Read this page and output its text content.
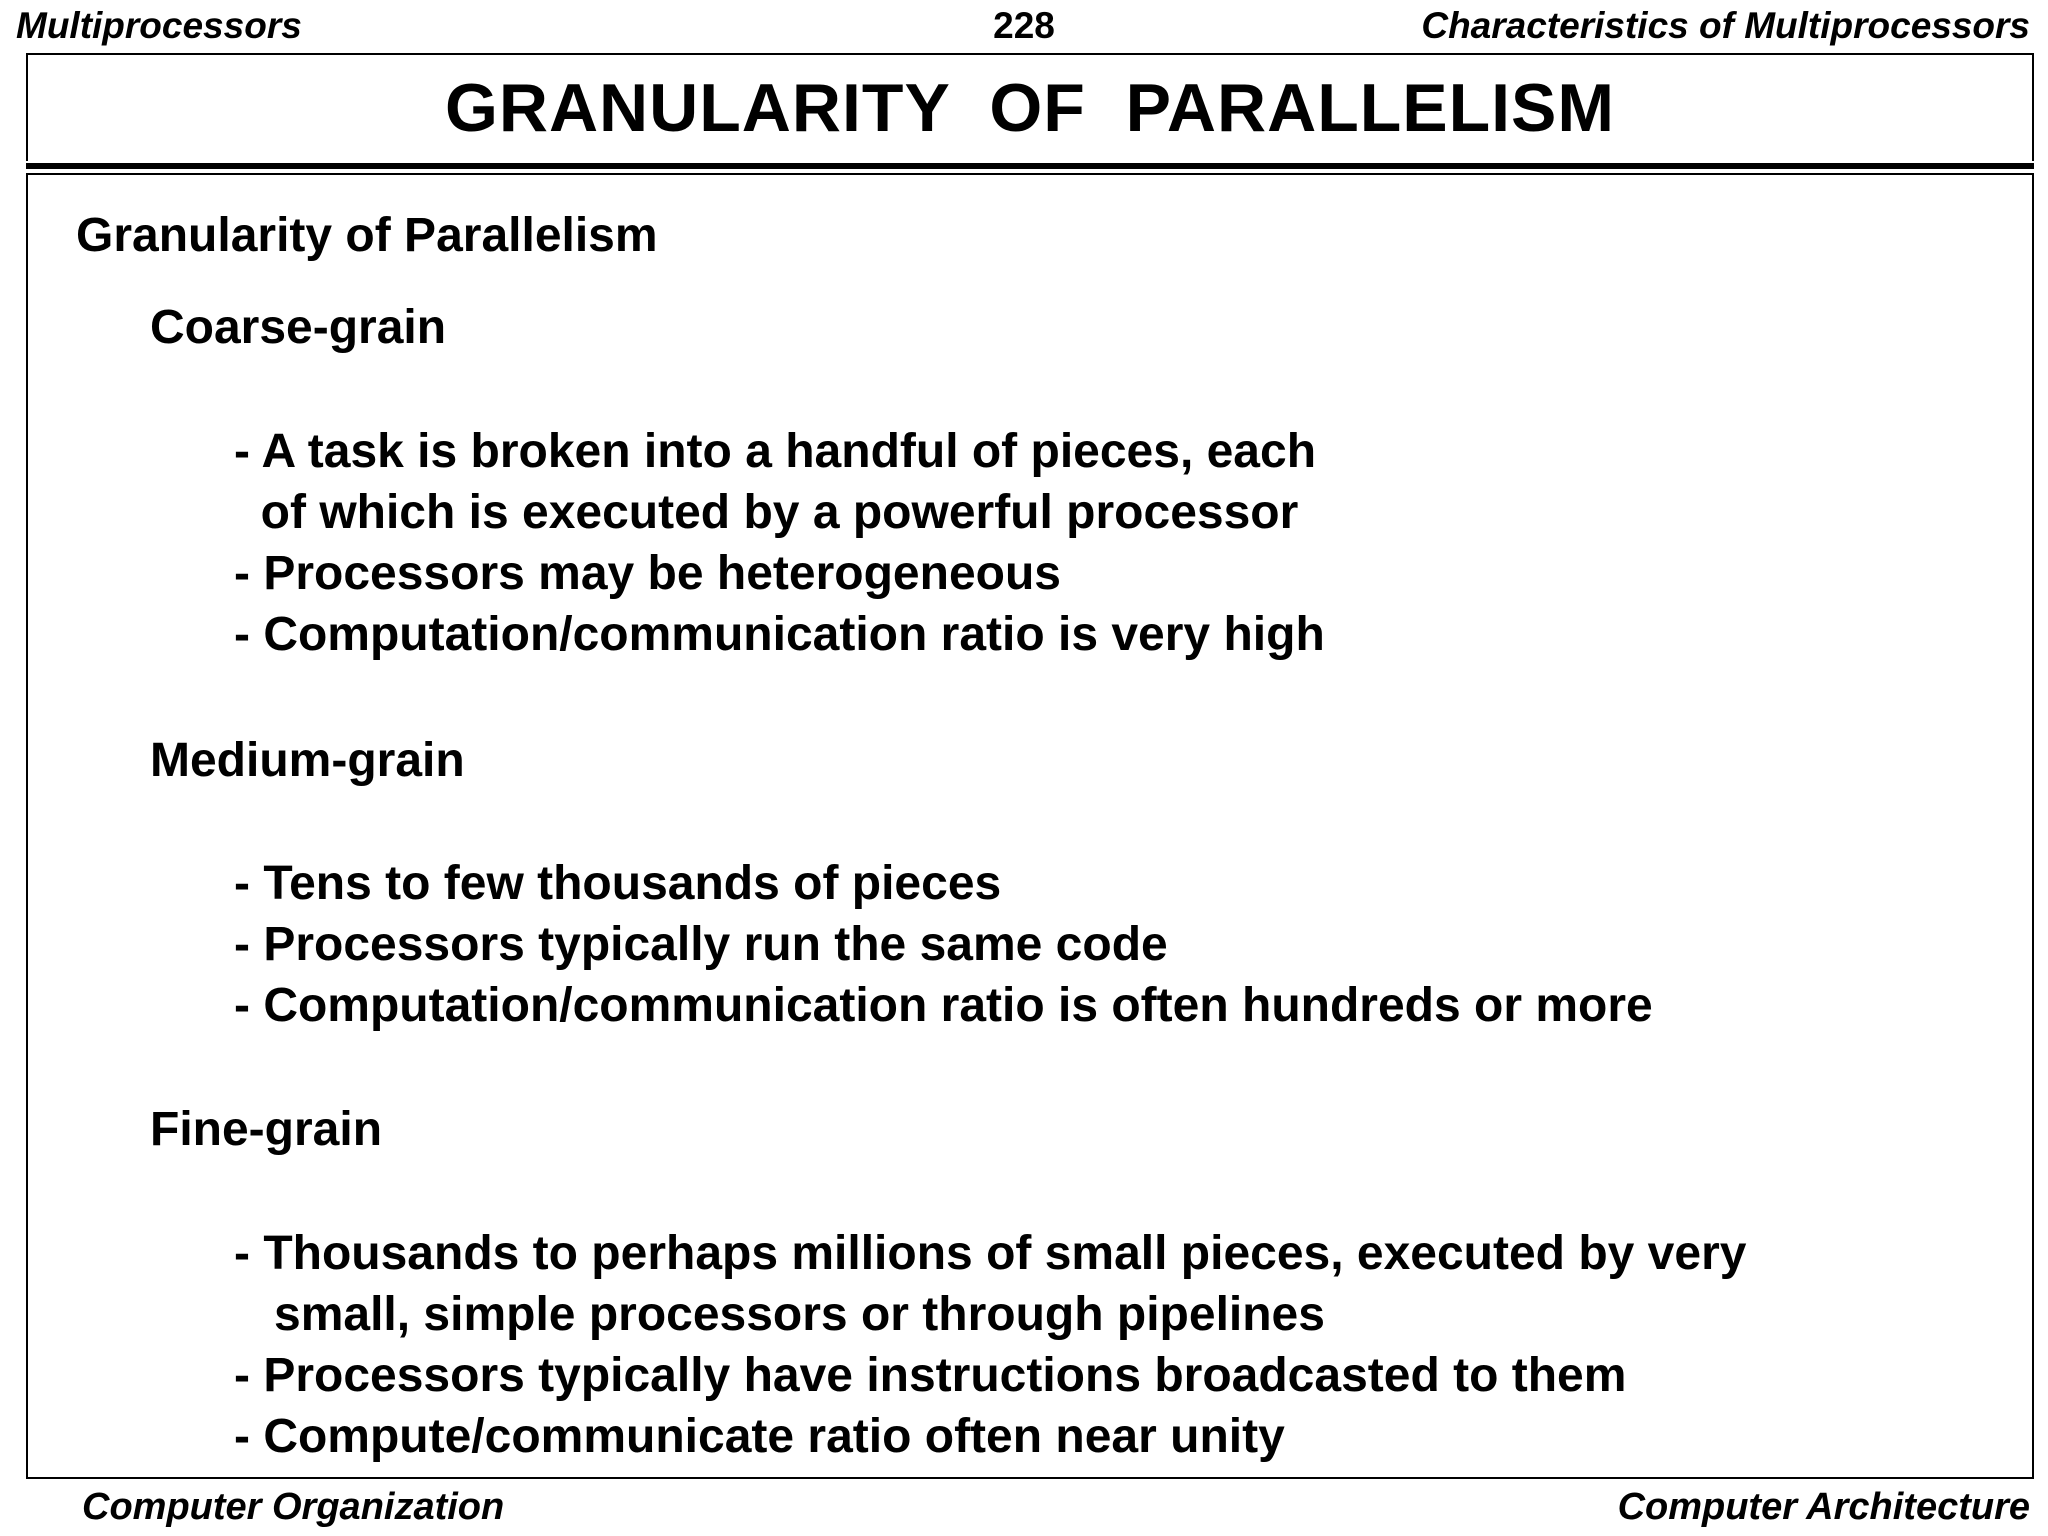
Multiprocessors	228	Characteristics of Multiprocessors
GRANULARITY  OF  PARALLELISM
Granularity of Parallelism
Coarse-grain
- A task is broken into a handful of pieces, each
of which is executed by a powerful processor
- Processors may be heterogeneous
- Computation/communication ratio is very high
Medium-grain
- Tens to few thousands of pieces
- Processors typically run the same code
- Computation/communication ratio is often hundreds or more
Fine-grain
- Thousands to perhaps millions of small pieces, executed by very
small, simple processors or through pipelines
- Processors typically have instructions broadcasted to them
- Compute/communicate ratio often near unity
Computer Organization	Computer Architecture
